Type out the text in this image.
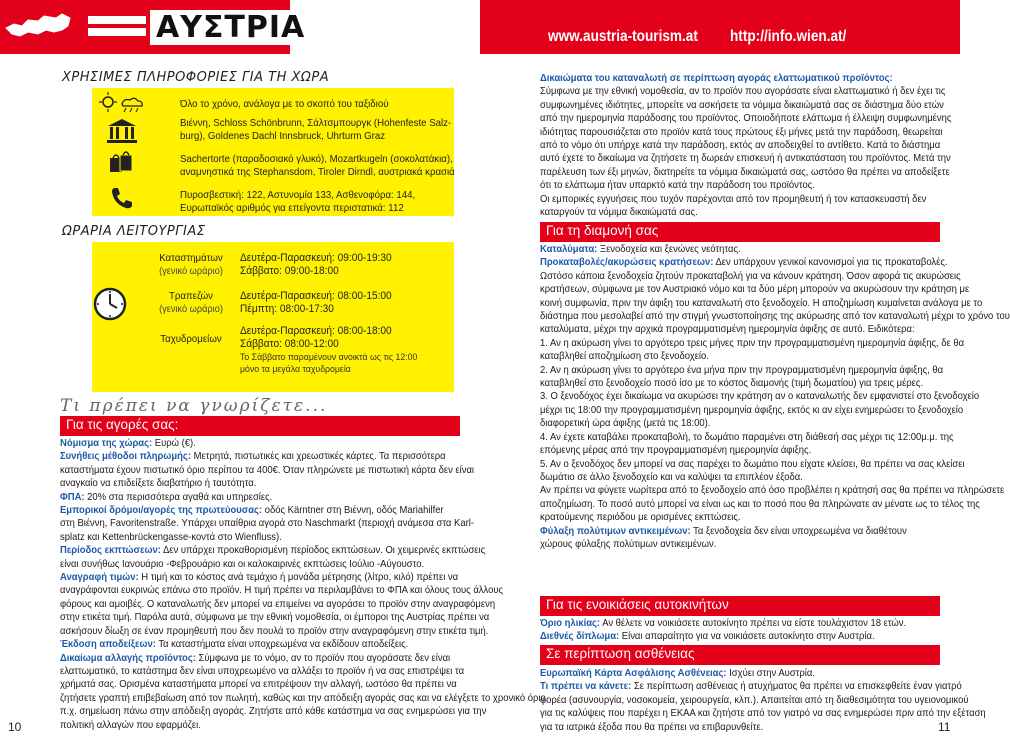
ΑΥΣΤΡΙΑ	www.austria-tourism.at http://info.wien.at/
ΧΡΗΣΙΜΕΣ ΠΛΗΡΟΦΟΡΙΕΣ ΓΙΑ ΤΗ ΧΩΡΑ
Όλο το χρόνο, ανάλογα με το σκοπό του ταξιδιού
Βιέννη, Schloss Schönbrunn, Σάλτσμπουργκ (Hohenfeste Salz-
burg), Goldenes Dachl Innsbruck, Uhrturm Graz
Sachertorte (παραδοσιακό γλυκό), Mozartkugeln (σοκολατάκια),
αναμνηστικά της Stephansdom, Tiroler Dirndl, αυστριακά κρασιά
Πυροσβεστική: 122, Αστυνομία 133, Ασθενοφόρα: 144,
Ευρωπαϊκός αριθμός για επείγοντα περιστατικά: 112
ΩΡΑΡΙΑ ΛΕΙΤΟΥΡΓΙΑΣ
Καταστημάτων
(γενικό ωράριο)
Δευτέρα-Παρασκευή: 09:00-19:30
Σάββατο: 09:00-18:00
Τραπεζών
(γενικό ωράριο)
Δευτέρα-Παρασκευή: 08:00-15:00
Πέμπτη: 08:00-17:30
Ταχυδρομείων
Δευτέρα-Παρασκευή: 08:00-18:00
Σάββατο: 08:00-12:00
Το Σάββατο παραμένουν ανοικτά ως τις 12:00
μόνο τα μεγάλα ταχυδρομεία
Τι πρέπει να γνωρίζετε...
Για τις αγορές σας:
Νόμισμα της χώρας: Ευρώ (€).
Συνήθεις μέθοδοι πληρωμής: Μετρητά, πιστωτικές και χρεωστικές κάρτες. Τα περισσότερα
καταστήματα έχουν πιστωτικό όριο περίπου τα 400€. Όταν πληρώνετε με πιστωτική κάρτα δεν είναι
αναγκαίο να επιδείξετε διαβατήριο ή ταυτότητα.
ΦΠΑ: 20% στα περισσότερα αγαθά και υπηρεσίες.
Εμπορικοί δρόμοι/αγορές της πρωτεύουσας: οδός Kärntner στη Βιέννη, οδός Mariahilfer
στη Βιέννη, Favoritenstraße. Υπάρχει υπαίθρια αγορά στο Naschmarkt (περιοχή ανάμεσα στα Karl-
splatz και Kettenbrückengasse-κοντά στο Wienfluss).
Περίοδος εκπτώσεων: Δεν υπάρχει προκαθορισμένη περίοδος εκπτώσεων. Οι χειμερινές εκπτώσεις
είναι συνήθως Ιανουάριο -Φεβρουάριο και οι καλοκαιρινές εκπτώσεις Ιούλιο -Αύγουστο.
Αναγραφή τιμών: Η τιμή και το κόστος ανά τεμάχιο ή μονάδα μέτρησης (λίτρο, κιλό) πρέπει να
αναγράφονται ευκρινώς επάνω στο προϊόν. Η τιμή πρέπει να περιλαμβάνει το ΦΠΑ και όλους τους άλλους
φόρους και αμοιβές. Ο καταναλωτής δεν μπορεί να επιμείνει να αγοράσει το προϊόν στην αναγραφόμενη
στην ετικέτα τιμή. Παρόλα αυτά, σύμφωνα με την εθνική νομοθεσία, οι έμποροι της Αυστρίας πρέπει να
ασκήσουν δίωξη σε έναν προμηθευτή που δεν πουλά το προϊόν στην αναγραφόμενη στην ετικέτα τιμή.
Έκδοση αποδείξεων: Τα καταστήματα είναι υποχρεωμένα να εκδίδουν αποδείξεις.
Δικαίωμα αλλαγής προϊόντος: Σύμφωνα με το νόμο, αν το προϊόν που αγοράσατε δεν είναι
ελαττωματικό, το κατάστημα δεν είναι υποχρεωμένο να αλλάξει το προϊόν ή να σας επιστρέψει τα
χρήματά σας. Ορισμένα καταστήματα μπορεί να επιτρέψουν την αλλαγή, ωστόσο θα πρέπει να
ζητήσετε γραπτή επιβεβαίωση από τον πωλητή, καθώς και την απόδειξη αγοράς σας και να ελέγξετε το χρονικό όριο,
π.χ. σημείωση πάνω στην απόδειξη αγοράς. Ζητήστε από κάθε κατάστημα να σας ενημερώσει για την
πολιτική αλλαγών που εφαρμόζει.
10
Δικαιώματα του καταναλωτή σε περίπτωση αγοράς ελαττωματικού προϊόντος:
Σύμφωνα με την εθνική νομοθεσία, αν το προϊόν που αγοράσατε είναι ελαττωματικό ή δεν έχει τις
συμφωνημένες ιδιότητες, μπορείτε να ασκήσετε τα νόμιμα δικαιώματά σας σε διάστημα δύο ετών
από την ημερομηνία παράδοσης του προϊόντος. Οποιοδήποτε ελάττωμα ή έλλειψη συμφωνημένης
ιδιότητας παρουσιάζεται στο προϊόν κατά τους πρώτους έξι μήνες μετά την παράδοση, θεωρείται
από το νόμο ότι υπήρχε κατά την παράδοση, εκτός αν αποδειχθεί το αντίθετο. Κατά το διάστημα
αυτό έχετε το δικαίωμα να ζητήσετε τη δωρεάν επισκευή ή αντικατάσταση του προϊόντος. Μετά την
παρέλευση των έξι μηνών, διατηρείτε τα νόμιμα δικαιώματά σας, ωστόσο θα πρέπει να αποδείξετε
ότι το ελάττωμα ήταν υπαρκτό κατά την παράδοση του προϊόντος.
Οι εμπορικές εγγυήσεις που τυχόν παρέχονται από τον προμηθευτή ή τον κατασκευαστή δεν
καταργούν τα νόμιμα δικαιώματά σας.
Για τη διαμονή σας
Καταλύματα: Ξενοδοχεία και ξενώνες νεότητας.
Προκαταβολές/ακυρώσεις κρατήσεων: Δεν υπάρχουν γενικοί κανονισμοί για τις προκαταβολές.
Ωστόσο κάποια ξενοδοχεία ζητούν προκαταβολή για να κάνουν κράτηση. Όσον αφορά τις ακυρώσεις
κρατήσεων, σύμφωνα με τον Αυστριακό νόμο και τα δύο μέρη μπορούν να ακυρώσουν την κράτηση με
κοινή συμφωνία, πριν την άφιξη του καταναλωτή στο ξενοδοχείο. Η αποζημίωση κυμαίνεται ανάλογα με το
διάστημα που μεσολαβεί από την στιγμή γνωστοποίησης της ακύρωσης από τον καταναλωτή μέχρι το χρόνο του
καταλύματα, μέχρι την αρχικά προγραμματισμένη ημερομηνία άφιξης σε αυτό. Ειδικότερα:
1. Αν η ακύρωση γίνει το αργότερο τρεις μήνες πριν την προγραμματισμένη ημερομηνία άφιξης, δε θα
καταβληθεί αποζημίωση στο ξενοδοχείο.
2. Αν η ακύρωση γίνει το αργότερο ένα μήνα πριν την προγραμματισμένη ημερομηνία άφιξης, θα
καταβληθεί στο ξενοδοχείο ποσό ίσο με το κόστος διαμονής (τιμή δωματίου) για τρεις μέρες.
3. Ο ξενοδόχος έχει δικαίωμα να ακυρώσει την κράτηση αν ο καταναλωτής δεν εμφανιστεί στο ξενοδοχείο
μέχρι τις 18:00 την προγραμματισμένη ημερομηνία άφιξης, εκτός κι αν είχει ενημερώσει το ξενοδοχείο
διαφορετική ώρα άφιξης (μετά τις 18:00).
4. Αν έχετε καταβάλει προκαταβολή, το δωμάτιο παραμένει στη διάθεσή σας μέχρι τις 12:00μ.μ. της
επόμενης μέρας από την προγραμματισμένη ημερομηνία άφιξης.
5. Αν ο ξενοδόχος δεν μπορεί να σας παρέχει το δωμάτιο που είχατε κλείσει, θα πρέπει να σας κλείσει
δωμάτιο σε άλλο ξενοδοχείο και να καλύψει τα επιπλέον έξοδα.
Αν πρέπει να φύγετε νωρίτερα από το ξενοδοχείο από όσο προβλέπει η κράτησή σας θα πρέπει να πληρώσετε
αποζημίωση. Το ποσό αυτό μπορεί να είναι ως και το ποσό που θα πληρώνατε αν μένατε ως το τέλος της
κρατούμενης περιόδου με ορισμένες εκπτώσεις.
Φύλαξη πολύτιμων αντικειμένων: Τα ξενοδοχεία δεν είναι υποχρεωμένα να διαθέτουν
χώρους φύλαξης πολύτιμων αντικειμένων.
Για τις ενοικιάσεις αυτοκινήτων
Όριο ηλικίας: Αν θέλετε να νοικιάσετε αυτοκίνητο πρέπει να είστε τουλάχιστον 18 ετών.
Διεθνές δίπλωμα: Είναι απαραίτητο για να νοικιάσετε αυτοκίνητο στην Αυστρία.
Σε περίπτωση ασθένειας
Ευρωπαϊκή Κάρτα Ασφάλισης Ασθένειας: Ισχύει στην Αυστρία.
Τι πρέπει να κάνετε: Σε περίπτωση ασθένειας ή ατυχήματος θα πρέπει να επισκεφθείτε έναν γιατρό
φορέα (ασυνουργία, νοσοκομεία, χειρουργεία, κλπ.). Απαιτείται από τη διαθεσιμότητα του υγειονομικού
για τις καλύψεις που παρέχει η ΕΚΑΑ και ζητήστε από τον γιατρό να σας ενημερώσει πριν από την εξέταση
για τα ιατρικά έξοδα που θα πρέπει να επιβαρυνθείτε.	11
